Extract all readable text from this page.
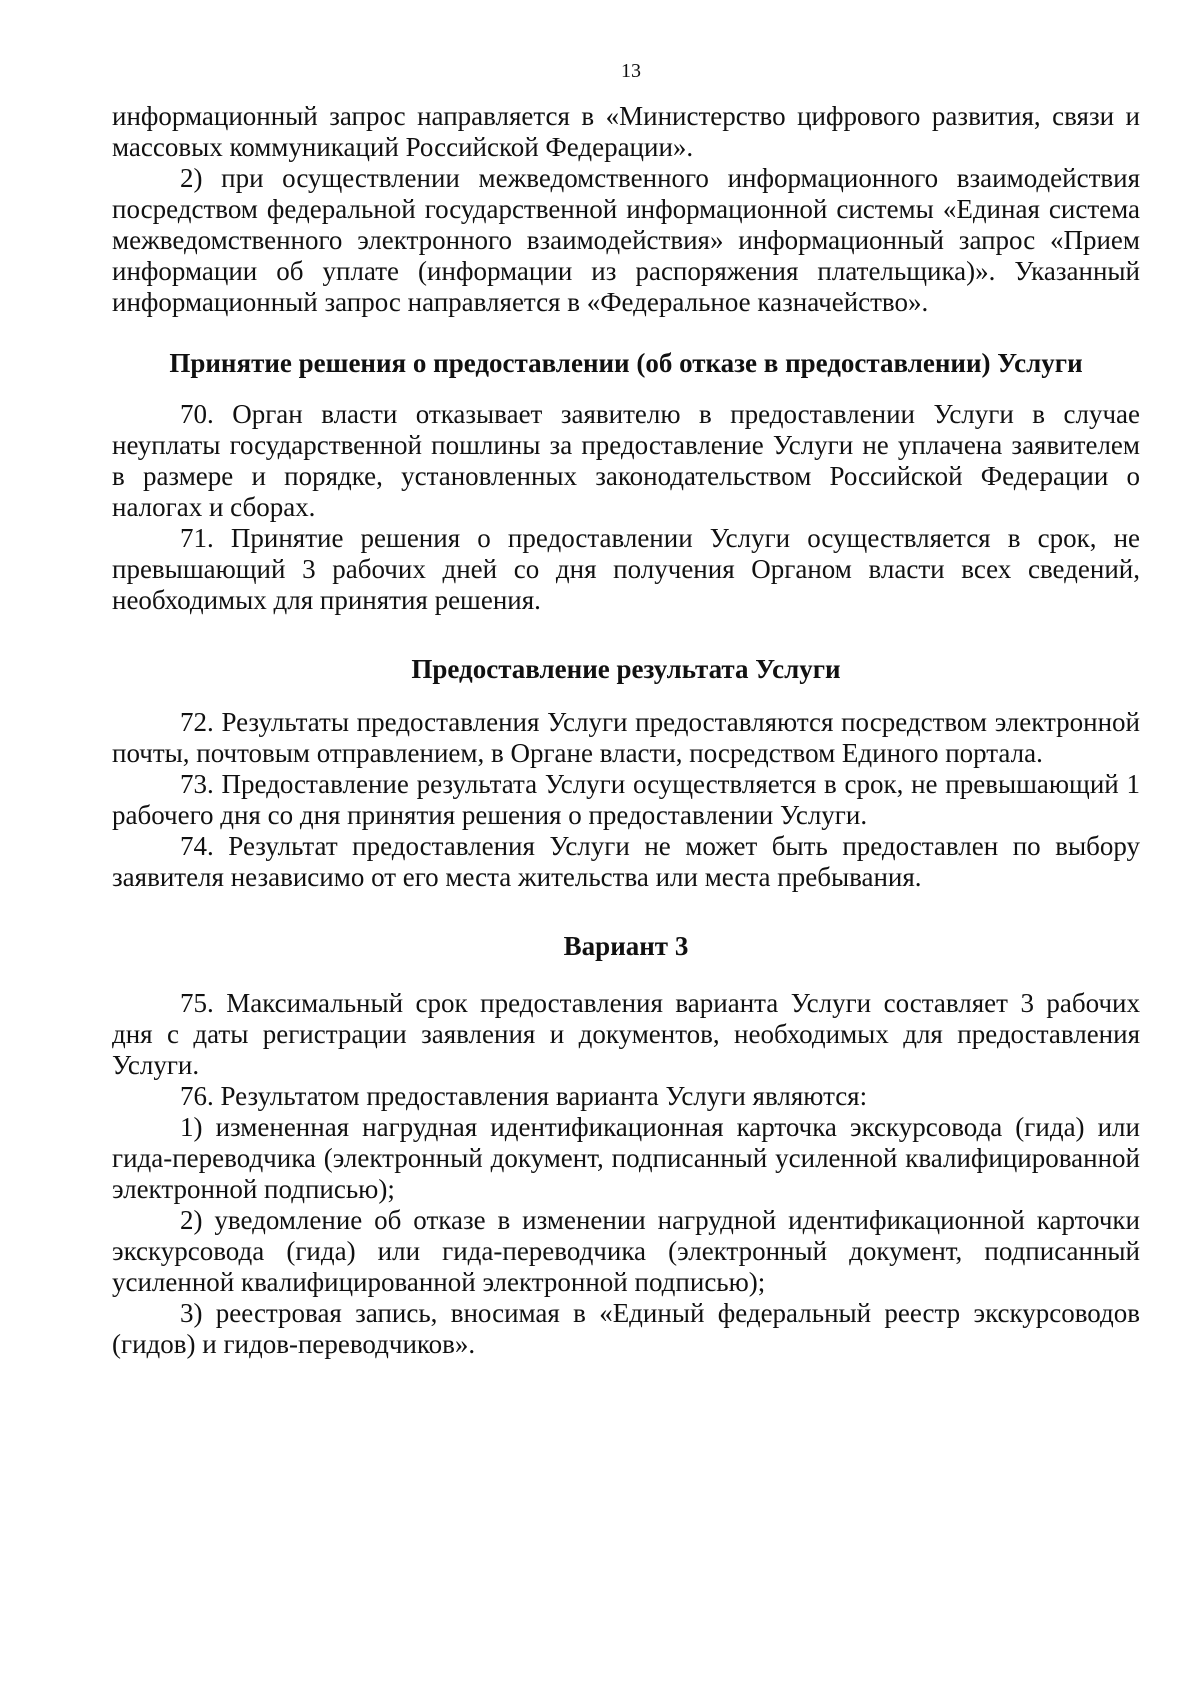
13

информационный запрос направляется в «Министерство цифрового развития, связи и массовых коммуникаций Российской Федерации».

2) при осуществлении межведомственного информационного взаимодействия посредством федеральной государственной информационной системы «Единая система межведомственного электронного взаимодействия» информационный запрос «Прием информации об уплате (информации из распоряжения плательщика)». Указанный информационный запрос направляется в «Федеральное казначейство».

Принятие решения о предоставлении (об отказе в предоставлении) Услуги

70. Орган власти отказывает заявителю в предоставлении Услуги в случае неуплаты государственной пошлины за предоставление Услуги не уплачена заявителем в размере и порядке, установленных законодательством Российской Федерации о налогах и сборах.

71. Принятие решения о предоставлении Услуги осуществляется в срок, не превышающий 3 рабочих дней со дня получения Органом власти всех сведений, необходимых для принятия решения.

Предоставление результата Услуги

72. Результаты предоставления Услуги предоставляются посредством электронной почты, почтовым отправлением, в Органе власти, посредством Единого портала.

73. Предоставление результата Услуги осуществляется в срок, не превышающий 1 рабочего дня со дня принятия решения о предоставлении Услуги.

74. Результат предоставления Услуги не может быть предоставлен по выбору заявителя независимо от его места жительства или места пребывания.

Вариант 3

75. Максимальный срок предоставления варианта Услуги составляет 3 рабочих дня с даты регистрации заявления и документов, необходимых для предоставления Услуги.

76. Результатом предоставления варианта Услуги являются:

1) измененная нагрудная идентификационная карточка экскурсовода (гида) или гида-переводчика (электронный документ, подписанный усиленной квалифицированной электронной подписью);

2) уведомление об отказе в изменении нагрудной идентификационной карточки экскурсовода (гида) или гида-переводчика (электронный документ, подписанный усиленной квалифицированной электронной подписью);

3) реестровая запись, вносимая в «Единый федеральный реестр экскурсоводов (гидов) и гидов-переводчиков».
